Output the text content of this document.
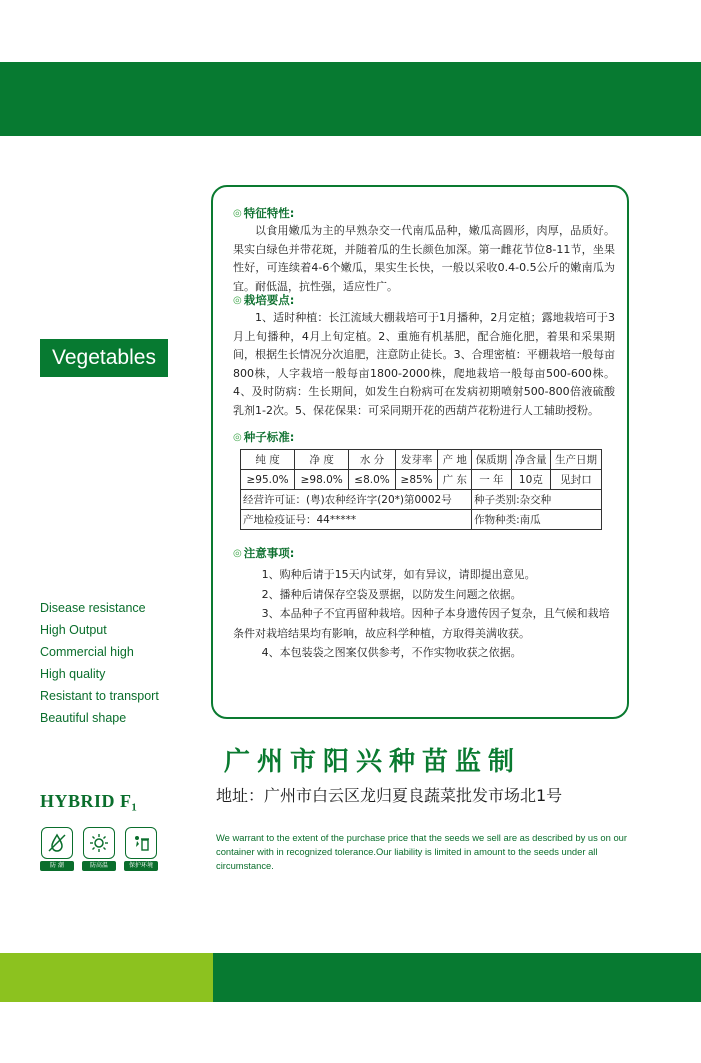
Vegetables
Disease resistance
High Output
Commercial high
High quality
Resistant to transport
Beautiful shape
HYBRID F₁
防 潮	防高温	保护环境
◎ 特征特性:

以食用嫩瓜为主的早熟杂交一代南瓜品种，嫩瓜高圆形，肉厚，品质好。果实白绿色并带花斑，并随着瓜的生长颜色加深。第一雌花节位8-11节，坐果性好，可连续着4-6个嫩瓜，果实生长快，一般以采收0.4-0.5公斤的嫩南瓜为宜。耐低温，抗性强，适应性广。

◎ 栽培要点:

1、适时种植：长江流域大棚栽培可于1月播种，2月定植；露地栽培可于3月上旬播种，4月上旬定植。2、重施有机基肥，配合施化肥，着果和采果期间，根据生长情况分次追肥，注意防止徒长。3、合理密植：平棚栽培一般每亩800株，人字栽培一般每亩1800-2000株，爬地栽培一般每亩500-600株。4、及时防病：生长期间，如发生白粉病可在发病初期喷射500-800倍液硫酸乳剂1-2次。5、保花保果：可采同期开花的西葫芦花粉进行人工辅助授粉。

◎ 种子标准:
纯 度	净 度	水 分	发芽率	产 地	保质期	净含量	生产日期
≥95.0%	≥98.0%	≤8.0%	≥85%	广 东	一 年	10克	见封口
经营许可证：(粤)农种经许字(20*)第0002号					种子类别:杂交种		
产地检疫证号：44*****					作物种类:南瓜		
◎ 注意事项:

1、购种后请于15天内试芽，如有异议，请即提出意见。

2、播种后请保存空袋及票据，以防发生问题之依据。

3、本品种子不宜再留种栽培。因种子本身遗传因子复杂，且气候和栽培条件对栽培结果均有影响，故应科学种植，方取得美满收获。

4、本包装袋之图案仅供参考，不作实物收获之依据。

广州市阳兴种苗监制

地址：广州市白云区龙归夏良蔬菜批发市场北1号

We warrant to the extent of the purchase price that the seeds we sell are as described by us on our container with in recognized tolerance.Our liability is limited in amount to the seeds under all circumstance.
